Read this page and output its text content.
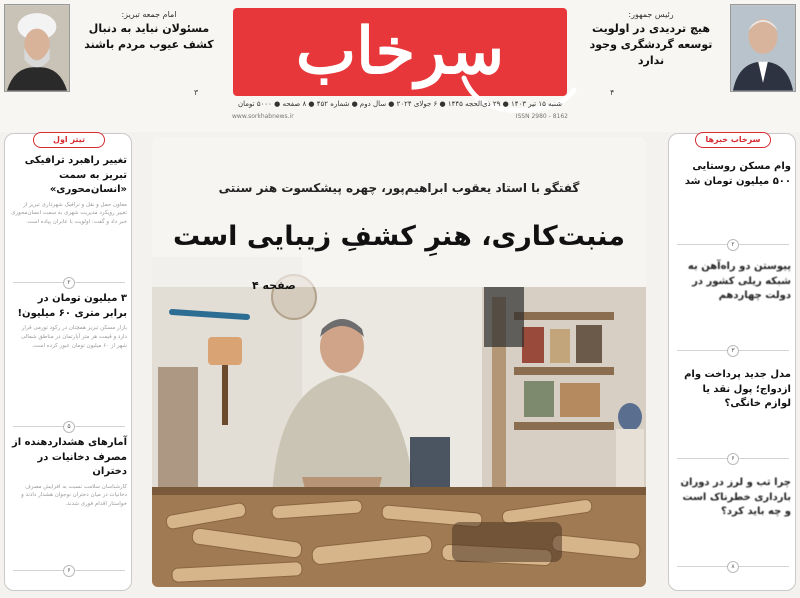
امام جمعه تبریز:
مسئولان نباید به دنبال کشف عیوب مردم باشند
۳
سرخاب	رئیس جمهور:
هیچ تردیدی در اولویت توسعه گردشگری وجود ندارد
۴
شنبه ۱۵ تیر ۱۴۰۳ ● ۲۹ ذی‌الحجه ۱۴۴۵ ● ۶ جولای ۲۰۲۴ ● سال دوم ● شماره ۴۵۲ ● ۸ صفحه ● ۵۰۰۰ تومان
www.sorkhabnews.ir	ISSN 2980 - 8162
تیتر اول
تغییر راهبرد ترافیکی تبریز به سمت «انسان‌محوری»
معاون حمل و نقل و ترافیک شهرداری تبریز از تغییر رویکرد مدیریت شهری به سمت انسان‌محوری خبر داد و گفت: اولویت با عابران پیاده است.
۲
۳ میلیون تومان در برابر متری ۶۰ میلیون!
بازار مسکن تبریز همچنان در رکود تورمی قرار دارد و قیمت هر متر آپارتمان در مناطق شمالی شهر از ۶۰ میلیون تومان عبور کرده است.
۵
آمارهای هشداردهنده از مصرف دخانیات در دختران
کارشناسان سلامت نسبت به افزایش مصرف دخانیات در میان دختران نوجوان هشدار دادند و خواستار اقدام فوری شدند.
۶
گفتگو با استاد یعقوب ابراهیم‌پور، چهره پیشکسوت هنر سنتی
منبت‌کاری، هنرِ کشفِ زیبایی است
صفحه ۴
سرخاب خبرها
وام مسکن روستایی ۵۰۰ میلیون تومان شد
۲
پیوستن دو راه‌آهن به شبکه ریلی کشور در دولت چهاردهم
۳
مدل جدید پرداخت وام ازدواج؛ پول نقد یا لوازم خانگی؟
۶
چرا تب و لرز در دوران بارداری خطرناک است و چه باید کرد؟
۸
